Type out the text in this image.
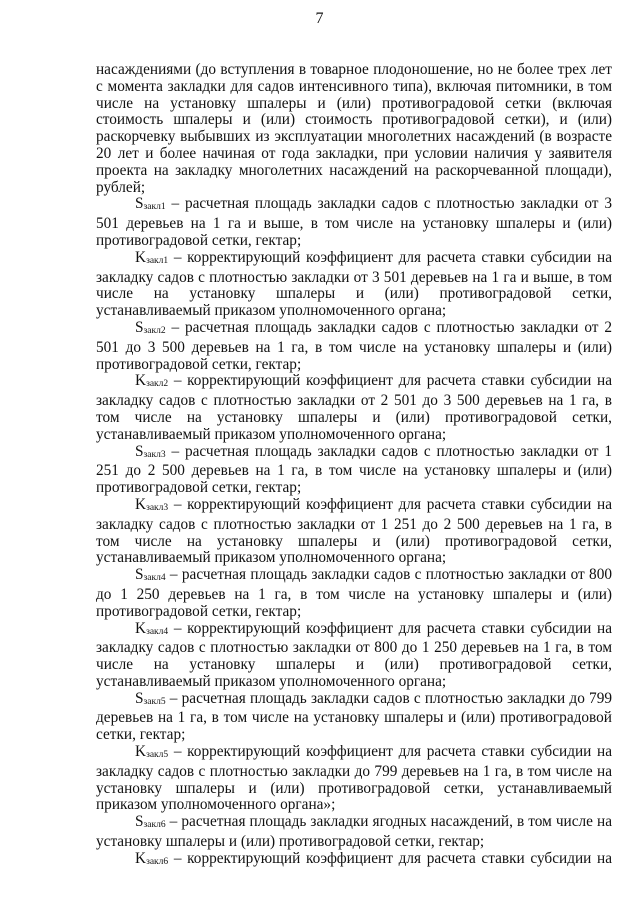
7

насаждениями (до вступления в товарное плодоношение, но не более трех лет с момента закладки для садов интенсивного типа), включая питомники, в том числе на установку шпалеры и (или) противоградовой сетки (включая стоимость шпалеры и (или) стоимость противоградовой сетки), и (или) раскорчевку выбывших из эксплуатации многолетних насаждений (в возрасте 20 лет и более начиная от года закладки, при условии наличия у заявителя проекта на закладку многолетних насаждений на раскорчеванной площади), рублей;

Sзакл1 – расчетная площадь закладки садов с плотностью закладки от 3 501 деревьев на 1 га и выше, в том числе на установку шпалеры и (или) противоградовой сетки, гектар;

Kзакл1 – корректирующий коэффициент для расчета ставки субсидии на закладку садов с плотностью закладки от 3 501 деревьев на 1 га и выше, в том числе на установку шпалеры и (или) противоградовой сетки, устанавливаемый приказом уполномоченного органа;

Sзакл2 – расчетная площадь закладки садов с плотностью закладки от 2 501 до 3 500 деревьев на 1 га, в том числе на установку шпалеры и (или) противоградовой сетки, гектар;

Kзакл2 – корректирующий коэффициент для расчета ставки субсидии на закладку садов с плотностью закладки от 2 501 до 3 500 деревьев на 1 га, в том числе на установку шпалеры и (или) противоградовой сетки, устанавливаемый приказом уполномоченного органа;

Sзакл3 – расчетная площадь закладки садов с плотностью закладки от 1 251 до 2 500 деревьев на 1 га, в том числе на установку шпалеры и (или) противоградовой сетки, гектар;

Kзакл3 – корректирующий коэффициент для расчета ставки субсидии на закладку садов с плотностью закладки от 1 251 до 2 500 деревьев на 1 га, в том числе на установку шпалеры и (или) противоградовой сетки, устанавливаемый приказом уполномоченного органа;

Sзакл4 – расчетная площадь закладки садов с плотностью закладки от 800 до 1 250 деревьев на 1 га, в том числе на установку шпалеры и (или) противоградовой сетки, гектар;

Kзакл4 – корректирующий коэффициент для расчета ставки субсидии на закладку садов с плотностью закладки от 800 до 1 250 деревьев на 1 га, в том числе на установку шпалеры и (или) противоградовой сетки, устанавливаемый приказом уполномоченного органа;

Sзакл5 – расчетная площадь закладки садов с плотностью закладки до 799 деревьев на 1 га, в том числе на установку шпалеры и (или) противоградовой сетки, гектар;

Kзакл5 – корректирующий коэффициент для расчета ставки субсидии на закладку садов с плотностью закладки до 799 деревьев на 1 га, в том числе на установку шпалеры и (или) противоградовой сетки, устанавливаемый приказом уполномоченного органа»;

Sзакл6 – расчетная площадь закладки ягодных насаждений, в том числе на установку шпалеры и (или) противоградовой сетки, гектар;

Kзакл6 – корректирующий коэффициент для расчета ставки субсидии на
